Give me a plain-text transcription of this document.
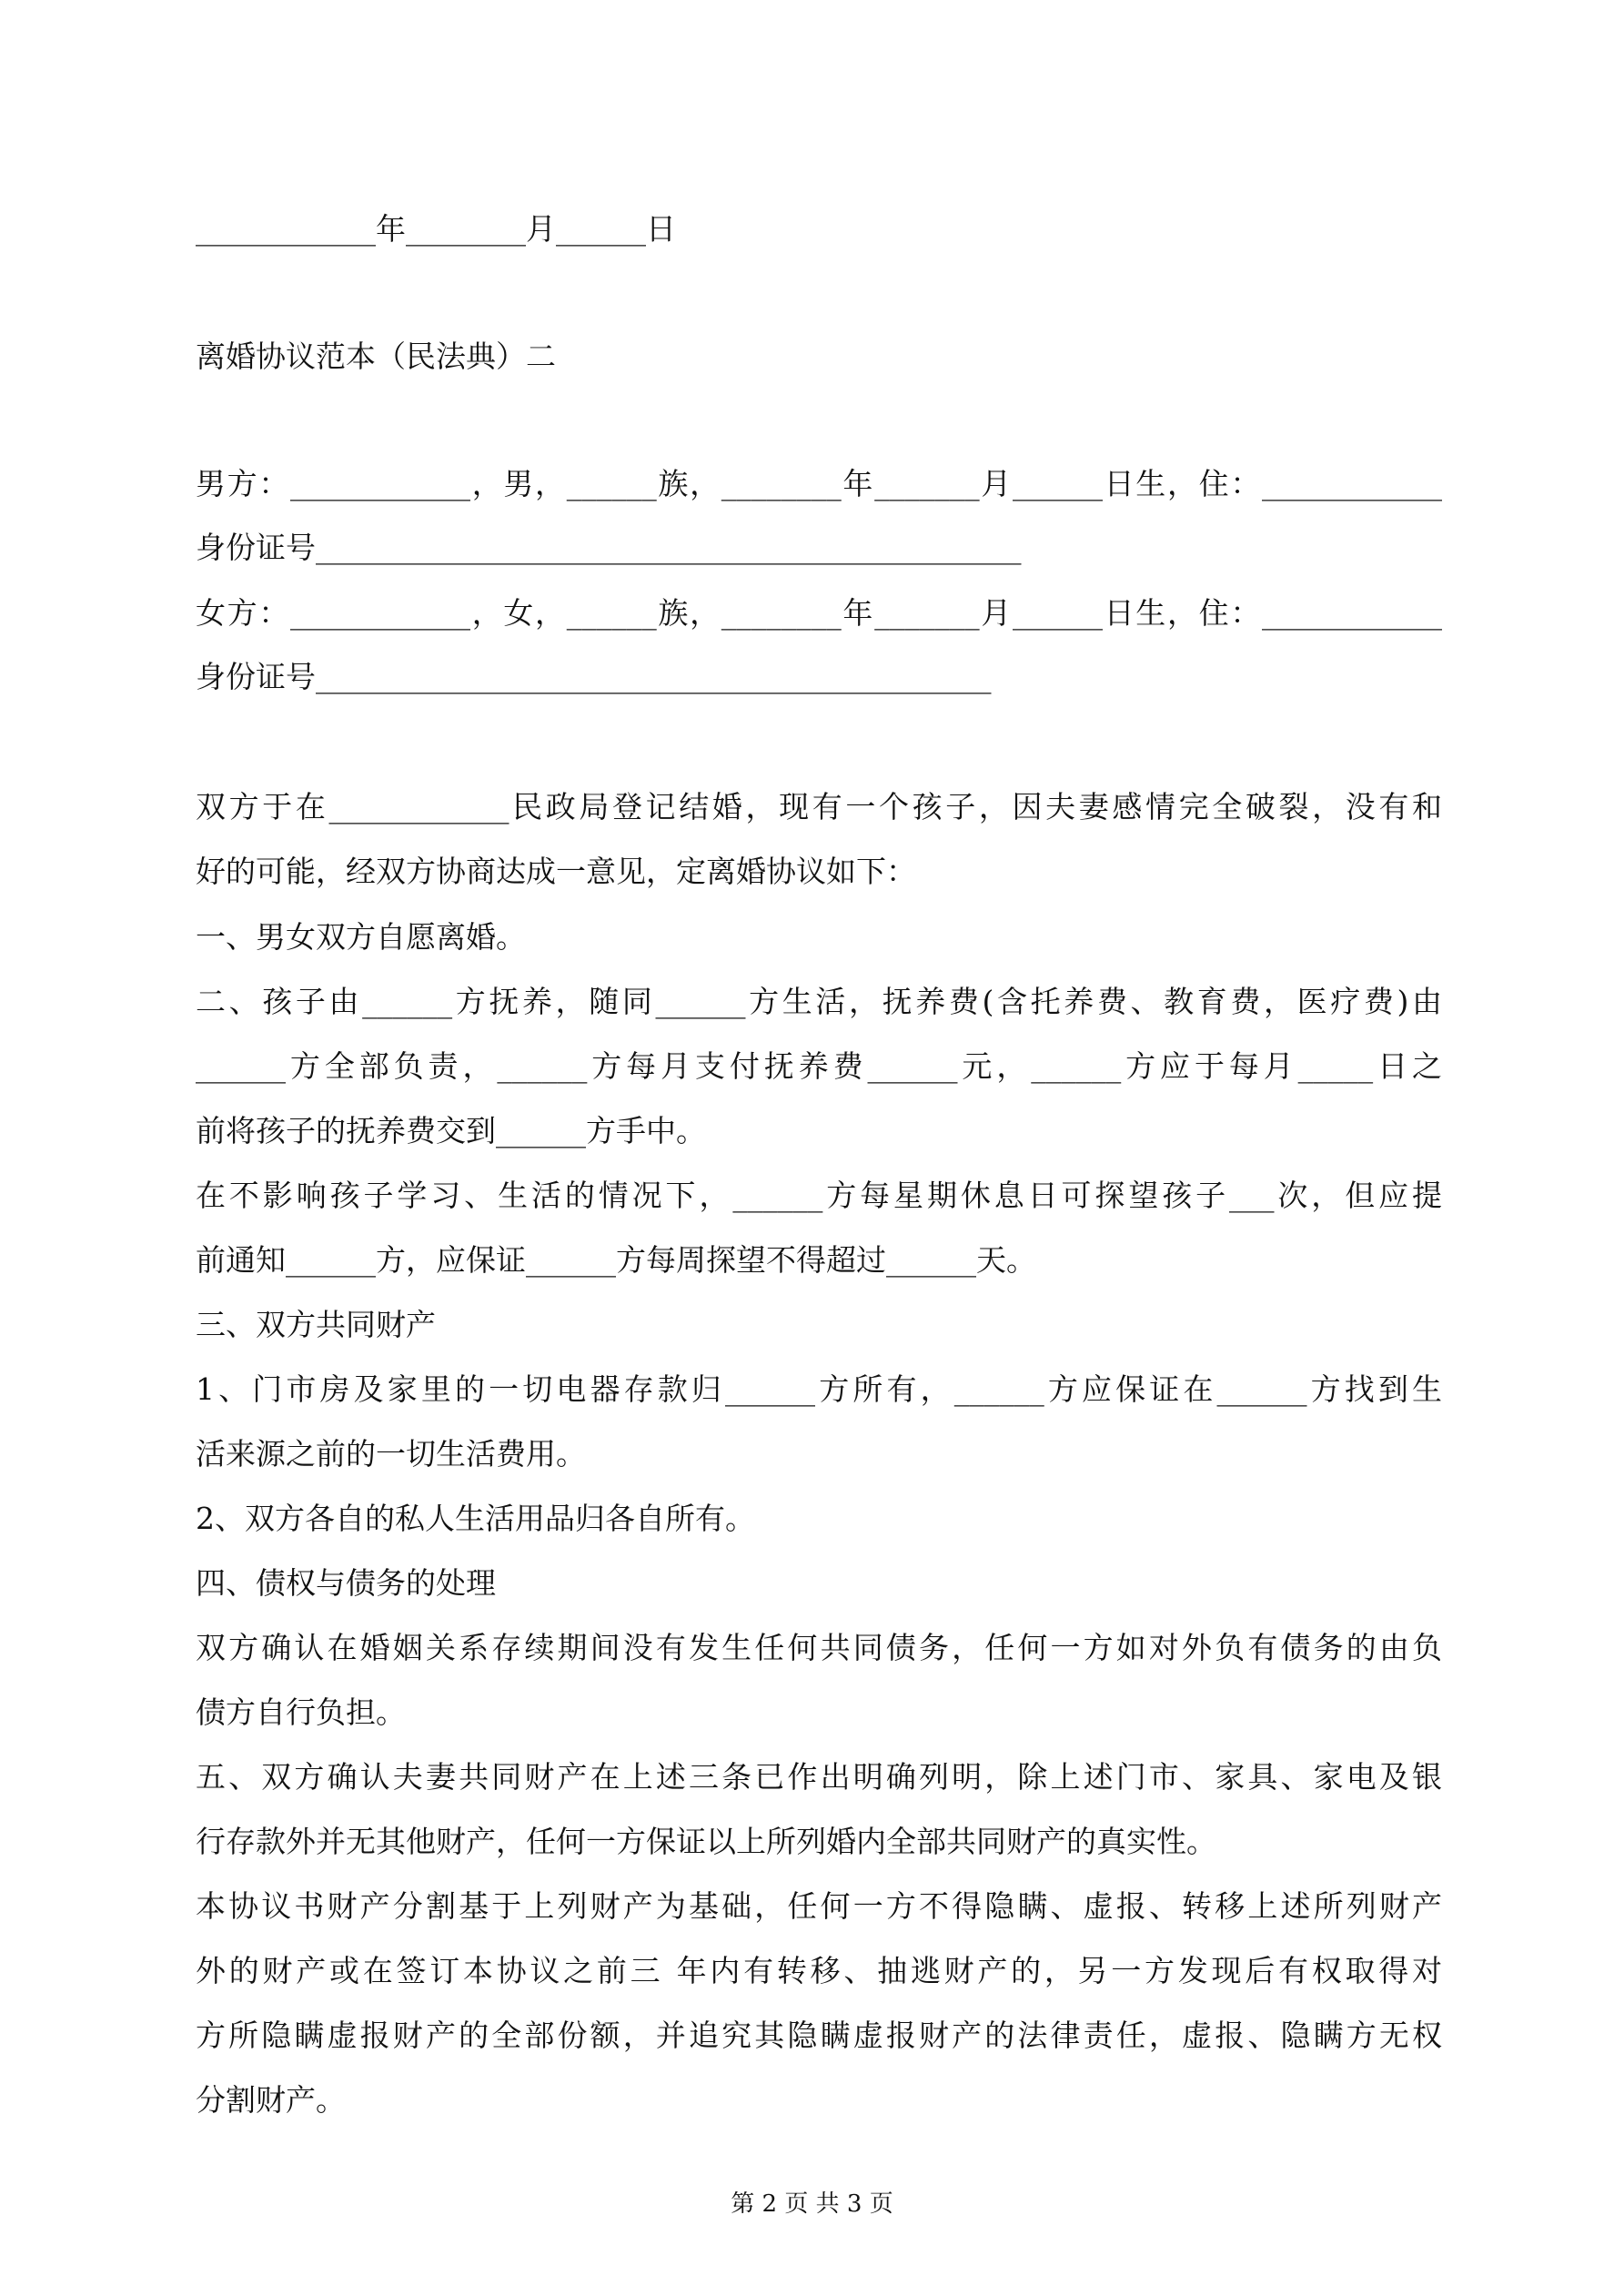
____________年________月______日
离婚协议范本（民法典）二
男方：____________，男，______族，________年_______月______日生，住：____________
身份证号_______________________________________________
女方：____________，女，______族，________年_______月______日生，住：____________
身份证号_____________________________________________
双方于在____________民政局登记结婚，现有一个孩子，因夫妻感情完全破裂，没有和
好的可能，经双方协商达成一意见，定离婚协议如下：
一、男女双方自愿离婚。
二、孩子由______方抚养，随同______方生活，抚养费(含托养费、教育费，医疗费)由
______方全部负责，______方每月支付抚养费______元，______方应于每月_____日之
前将孩子的抚养费交到______方手中。
在不影响孩子学习、生活的情况下，______方每星期休息日可探望孩子___次，但应提
前通知______方，应保证______方每周探望不得超过______天。
三、双方共同财产
1、门市房及家里的一切电器存款归______方所有，______方应保证在______方找到生
活来源之前的一切生活费用。
2、双方各自的私人生活用品归各自所有。
四、债权与债务的处理
双方确认在婚姻关系存续期间没有发生任何共同债务，任何一方如对外负有债务的由负
债方自行负担。
五、双方确认夫妻共同财产在上述三条已作出明确列明，除上述门市、家具、家电及银
行存款外并无其他财产，任何一方保证以上所列婚内全部共同财产的真实性。
本协议书财产分割基于上列财产为基础，任何一方不得隐瞒、虚报、转移上述所列财产
外的财产或在签订本协议之前三 年内有转移、抽逃财产的，另一方发现后有权取得对
方所隐瞒虚报财产的全部份额，并追究其隐瞒虚报财产的法律责任，虚报、隐瞒方无权
分割财产。
第 2 页 共 3 页
